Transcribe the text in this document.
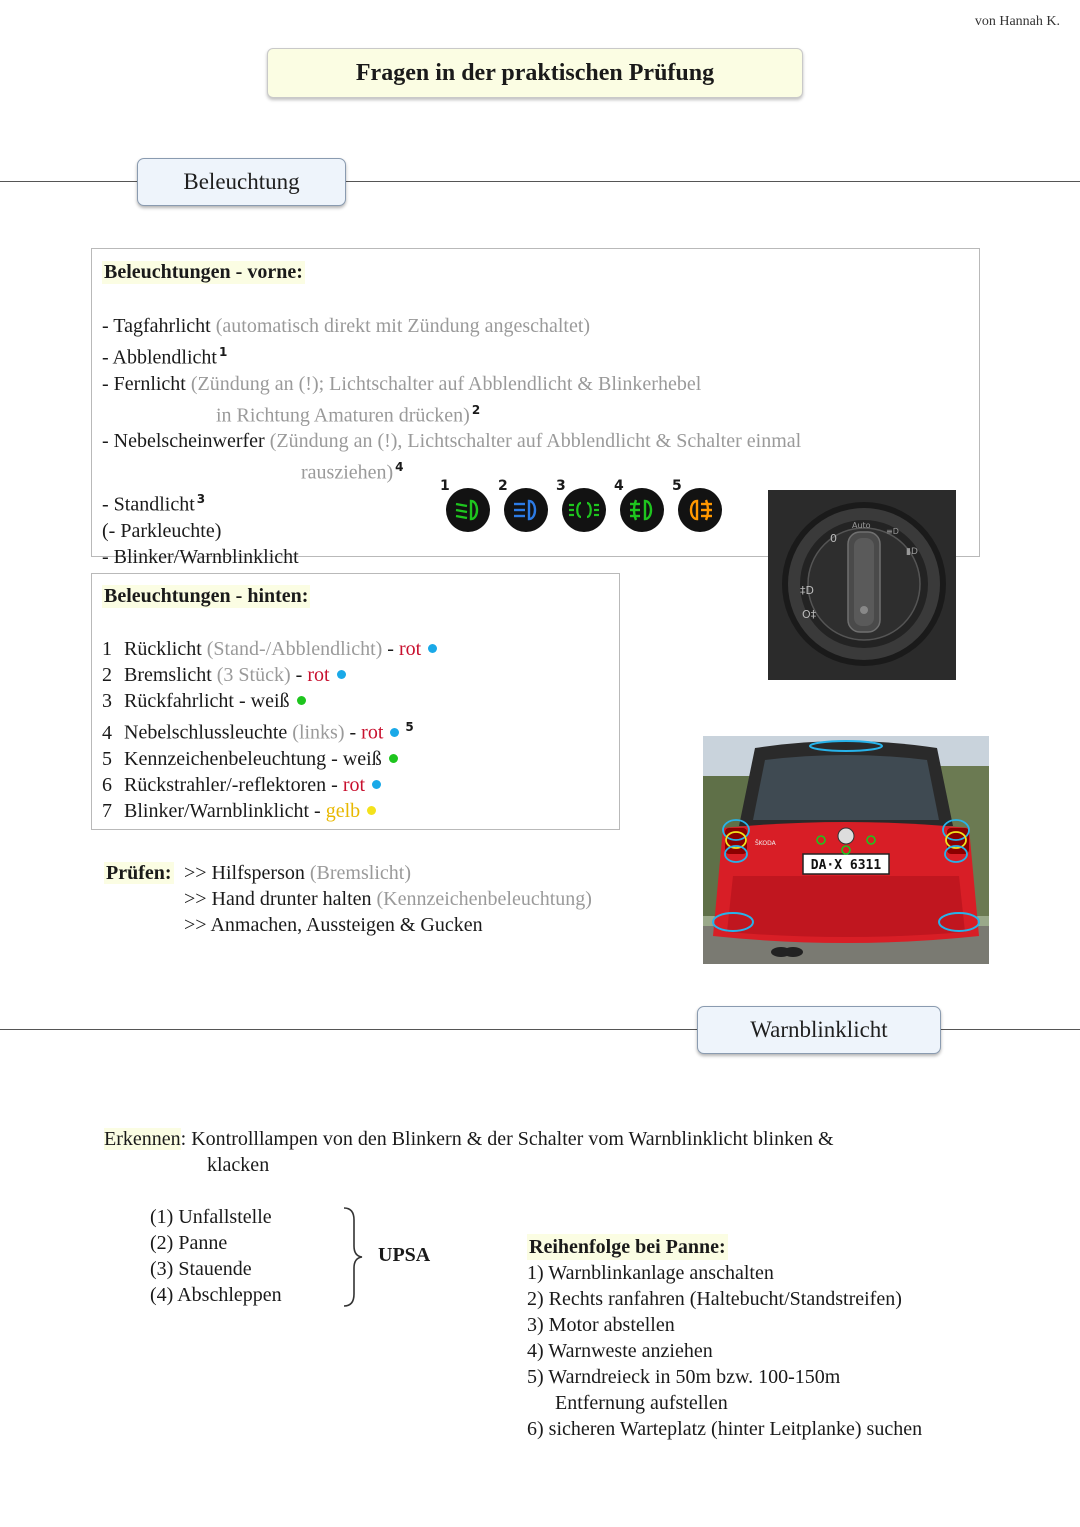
von Hannah K.
Fragen in der praktischen Prüfung
Beleuchtung
Beleuchtungen - vorne:
- Tagfahrlicht (automatisch direkt mit Zündung angeschaltet)
- Abblendlicht $^1$
- Fernlicht (Zündung an (!); Lichtschalter auf Abblendlicht & Blinkerhebel
in Richtung Amaturen drücken) $^2$
- Nebelscheinwerfer (Zündung an (!), Lichtschalter auf Abblendlicht & Schalter einmal
rausziehen) $^4$
- Standlicht $^3$
(- Parkleuchte)
- Blinker/Warnblinklicht
1	2	3	4	5
0
Auto
≡D
▮D
‡D
O‡
Beleuchtungen - hinten:
1 Rücklicht (Stand-/Abblendlicht) - rot
2 Bremslicht (3 Stück) - rot
3 Rückfahrlicht - weiß
4 Nebelschlussleuchte (links) - rot $^5$
5 Kennzeichenbeleuchtung - weiß
6 Rückstrahler/-reflektoren - rot
7 Blinker/Warnblinklicht - gelb
DA·X 6311
ŠKODA
Prüfen: >> Hilfsperson (Bremslicht)
>> Hand drunter halten (Kennzeichenbeleuchtung)
>> Anmachen, Aussteigen & Gucken
Warnblinklicht
Erkennen: Kontrolllampen von den Blinkern & der Schalter vom Warnblinklicht blinken &
klacken
(1) Unfallstelle
(2) Panne
(3) Stauende
(4) Abschleppen
UPSA	Reihenfolge bei Panne:
1) Warnblinkanlage anschalten
2) Rechts ranfahren (Haltebucht/Standstreifen)
3) Motor abstellen
4) Warnweste anziehen
5) Warndreieck in 50m bzw. 100-150m
Entfernung aufstellen
6) sicheren Warteplatz (hinter Leitplanke) suchen
